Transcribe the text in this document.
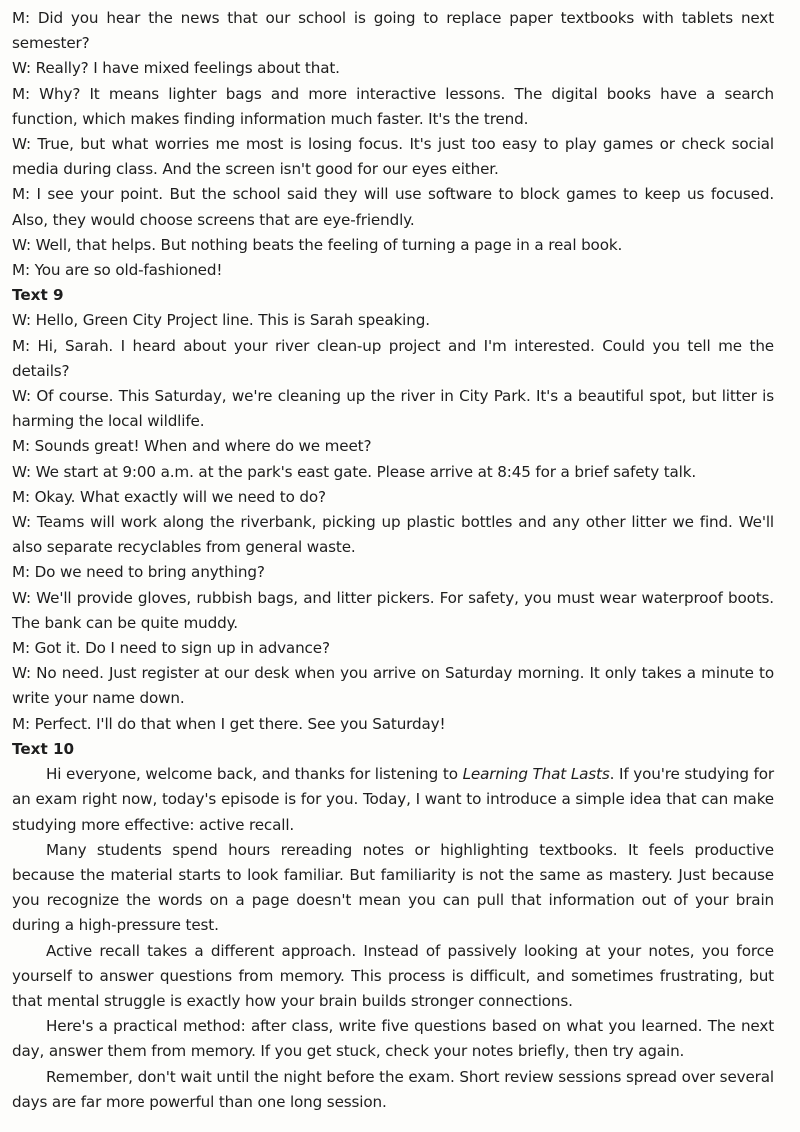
M: Did you hear the news that our school is going to replace paper textbooks with tablets next semester?

W: Really? I have mixed feelings about that.

M: Why? It means lighter bags and more interactive lessons. The digital books have a search function, which makes finding information much faster. It's the trend.

W: True, but what worries me most is losing focus. It's just too easy to play games or check social media during class. And the screen isn't good for our eyes either.

M: I see your point. But the school said they will use software to block games to keep us focused. Also, they would choose screens that are eye-friendly.

W: Well, that helps. But nothing beats the feeling of turning a page in a real book.

M: You are so old-fashioned!

Text 9

W: Hello, Green City Project line. This is Sarah speaking.

M: Hi, Sarah. I heard about your river clean-up project and I'm interested. Could you tell me the details?

W: Of course. This Saturday, we're cleaning up the river in City Park. It's a beautiful spot, but litter is harming the local wildlife.

M: Sounds great! When and where do we meet?

W: We start at 9:00 a.m. at the park's east gate. Please arrive at 8:45 for a brief safety talk.

M: Okay. What exactly will we need to do?

W: Teams will work along the riverbank, picking up plastic bottles and any other litter we find. We'll also separate recyclables from general waste.

M: Do we need to bring anything?

W: We'll provide gloves, rubbish bags, and litter pickers. For safety, you must wear waterproof boots. The bank can be quite muddy.

M: Got it. Do I need to sign up in advance?

W: No need. Just register at our desk when you arrive on Saturday morning. It only takes a minute to write your name down.

M: Perfect. I'll do that when I get there. See you Saturday!

Text 10

Hi everyone, welcome back, and thanks for listening to Learning That Lasts. If you're studying for an exam right now, today's episode is for you. Today, I want to introduce a simple idea that can make studying more effective: active recall.

Many students spend hours rereading notes or highlighting textbooks. It feels productive because the material starts to look familiar. But familiarity is not the same as mastery. Just because you recognize the words on a page doesn't mean you can pull that information out of your brain during a high-pressure test.

Active recall takes a different approach. Instead of passively looking at your notes, you force yourself to answer questions from memory. This process is difficult, and sometimes frustrating, but that mental struggle is exactly how your brain builds stronger connections.

Here's a practical method: after class, write five questions based on what you learned. The next day, answer them from memory. If you get stuck, check your notes briefly, then try again.

Remember, don't wait until the night before the exam. Short review sessions spread over several days are far more powerful than one long session.
